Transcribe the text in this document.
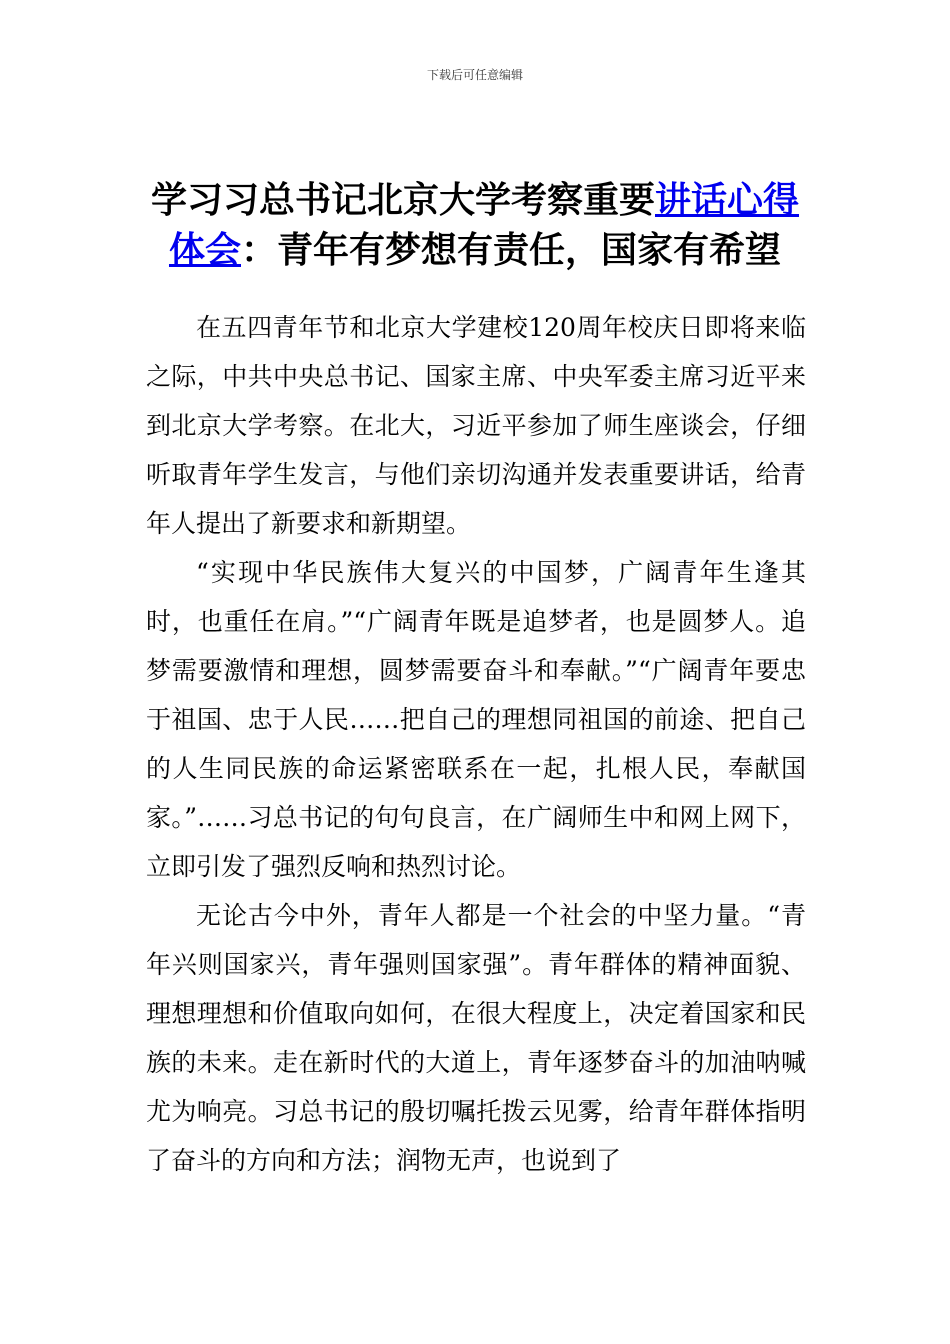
下载后可任意编辑
学习习总书记北京大学考察重要讲话心得体会：青年有梦想有责任，国家有希望

在五四青年节和北京大学建校120周年校庆日即将来临之际，中共中央总书记、国家主席、中央军委主席习近平来到北京大学考察。在北大，习近平参加了师生座谈会，仔细听取青年学生发言，与他们亲切沟通并发表重要讲话，给青年人提出了新要求和新期望。

“实现中华民族伟大复兴的中国梦，广阔青年生逢其时，也重任在肩。”“广阔青年既是追梦者，也是圆梦人。追梦需要激情和理想，圆梦需要奋斗和奉献。”“广阔青年要忠于祖国、忠于人民……把自己的理想同祖国的前途、把自己的人生同民族的命运紧密联系在一起，扎根人民，奉献国家。”……习总书记的句句良言，在广阔师生中和网上网下，立即引发了强烈反响和热烈讨论。

无论古今中外，青年人都是一个社会的中坚力量。“青年兴则国家兴，青年强则国家强”。青年群体的精神面貌、理想理想和价值取向如何，在很大程度上，决定着国家和民族的未来。走在新时代的大道上，青年逐梦奋斗的加油呐喊尤为响亮。习总书记的殷切嘱托拨云见雾，给青年群体指明了奋斗的方向和方法；润物无声，也说到了
